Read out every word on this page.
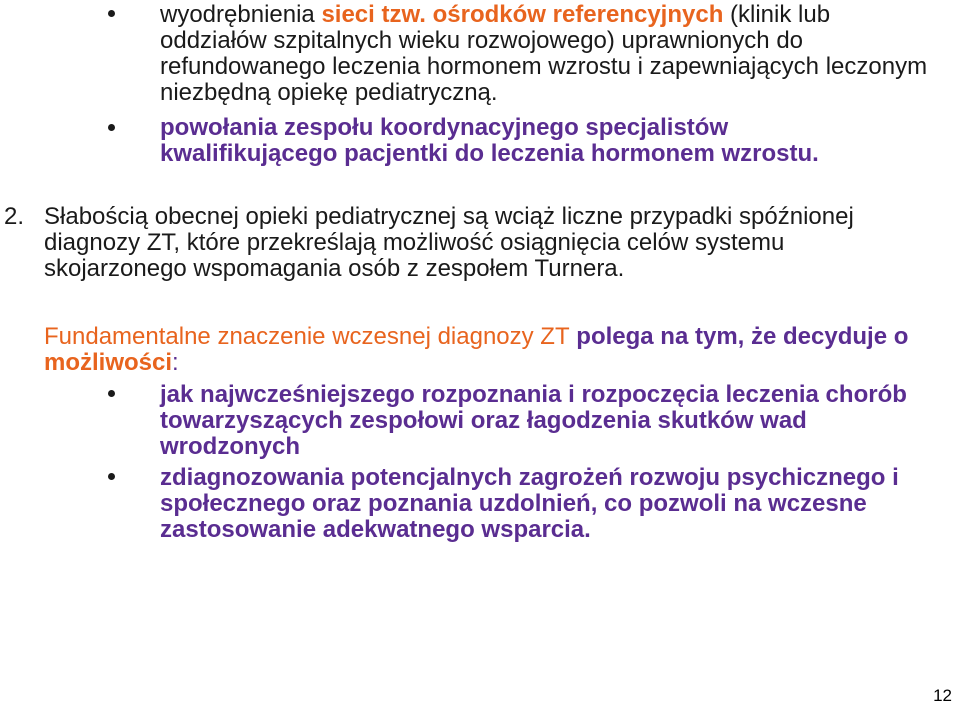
wyodrębnienia sieci tzw. ośrodków referencyjnych (klinik lub oddziałów szpitalnych wieku rozwojowego) uprawnionych do refundowanego leczenia hormonem wzrostu i zapewniających leczonym niezbędną opiekę pediatryczną.
powołania zespołu koordynacyjnego specjalistów kwalifikującego pacjentki do leczenia hormonem wzrostu.
2. Słabością obecnej opieki pediatrycznej są wciąż liczne przypadki spóźnionej diagnozy ZT, które przekreślają możliwość osiągnięcia celów systemu skojarzonego wspomagania osób z zespołem Turnera.
Fundamentalne znaczenie wczesnej diagnozy ZT polega na tym, że decyduje o możliwości:
jak najwcześniejszego rozpoznania i rozpoczęcia leczenia chorób towarzyszących zespołowi oraz łagodzenia skutków wad wrodzonych
zdiagnozowania potencjalnych zagrożeń rozwoju psychicznego i społecznego oraz poznania uzdolnień, co pozwoli na wczesne zastosowanie adekwatnego wsparcia.
12
